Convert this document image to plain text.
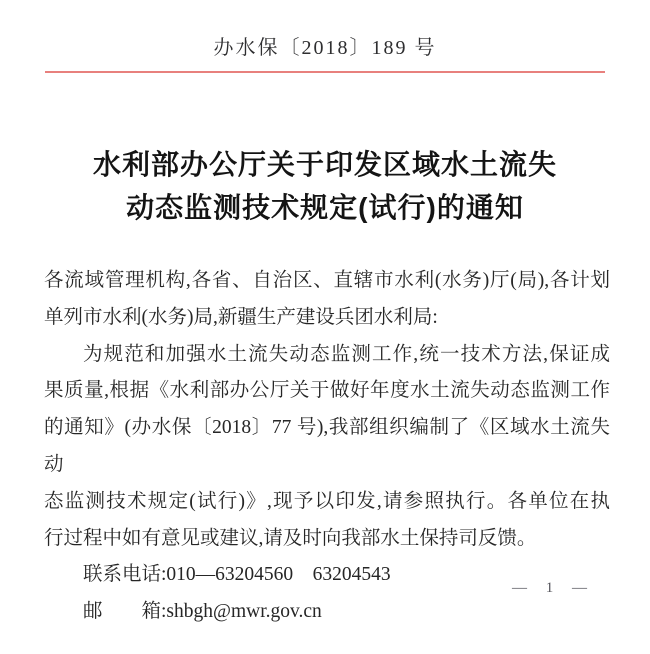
办水保〔2018〕189 号
水利部办公厅关于印发区域水土流失
动态监测技术规定(试行)的通知
各流域管理机构,各省、自治区、直辖市水利(水务)厅(局),各计划
单列市水利(水务)局,新疆生产建设兵团水利局:
为规范和加强水土流失动态监测工作,统一技术方法,保证成
果质量,根据《水利部办公厅关于做好年度水土流失动态监测工作
的通知》(办水保〔2018〕77 号),我部组织编制了《区域水土流失动
态监测技术规定(试行)》,现予以印发,请参照执行。各单位在执
行过程中如有意见或建议,请及时向我部水土保持司反馈。
联系电话:010—63204560　63204543
邮　　箱:shbgh@mwr.gov.cn
— 1 —
